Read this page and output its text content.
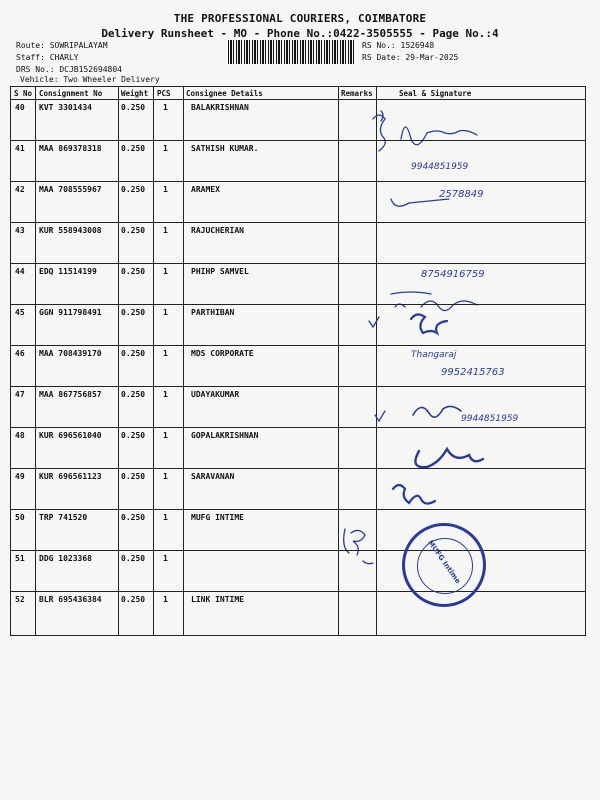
THE PROFESSIONAL COURIERS, COIMBATORE
Delivery Runsheet - MO - Phone No.:0422-3505555 - Page No.:4
Route: SOWRIPALAYAM
Staff: CHARLY
DRS No.: DCJB152694804
Vehicle: Two Wheeler Delivery
RS No.: 1526948
RS Date: 29-Mar-2025
S No Consignment No	Weight PCS Consignee Details	Remarks	Seal & Signature
9944851959
2578849
8754916759
Thangaraj
9952415763
9944851959
40 KVT 3301434	0.250 1	BALAKRISHNAN
41 MAA 869378318 0.250 1	SATHISH KUMAR.
42 MAA 708555967 0.250 1	ARAMEX
43 KUR 558943008 0.250 1	RAJUCHERIAN
44 EDQ 11514199	0.250 1	PHIHP SAMVEL
45 GGN 911798491 0.250 1	PARTHIBAN
46 MAA 708439170 0.250 1	MDS CORPORATE
47 MAA 867756857 0.250 1	UDAYAKUMAR
48 KUR 696561040 0.250 1	GOPALAKRISHNAN
49 KUR 696561123 0.250 1	SARAVANAN
50 TRP 741520	0.250 1	MUFG INTIME
51 DDG 1023368	0.250 1
52 BLR 695436384 0.250 1	LINK INTIME
MUFG Intime
